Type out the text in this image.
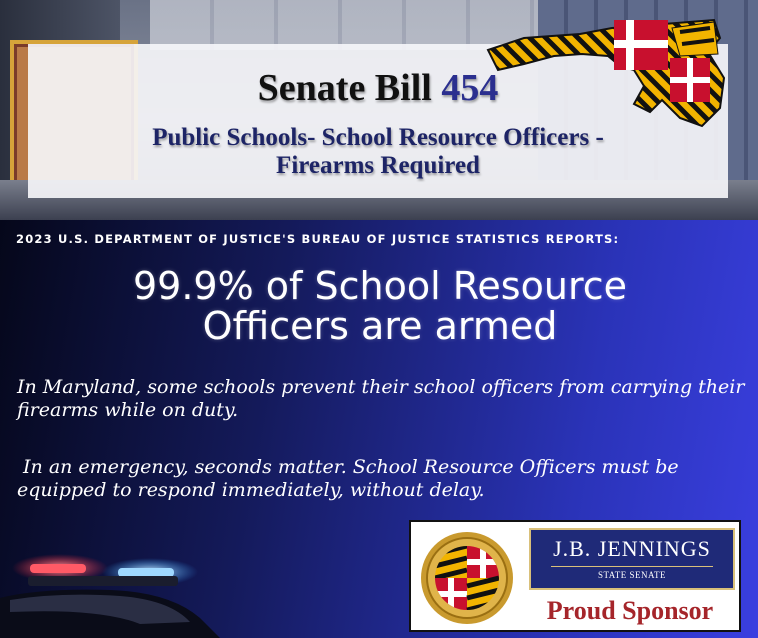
Senate Bill 454
Public Schools- School Resource Officers -
Firearms Required
2023 U.S. DEPARTMENT OF JUSTICE'S BUREAU OF JUSTICE STATISTICS REPORTS:
99.9% of School Resource
Officers are armed
In Maryland, some schools prevent their school officers from carrying their firearms while on duty.
In an emergency, seconds matter. School Resource Officers must be equipped to respond immediately, without delay.
J.B. JENNINGS
STATE SENATE
Proud Sponsor
